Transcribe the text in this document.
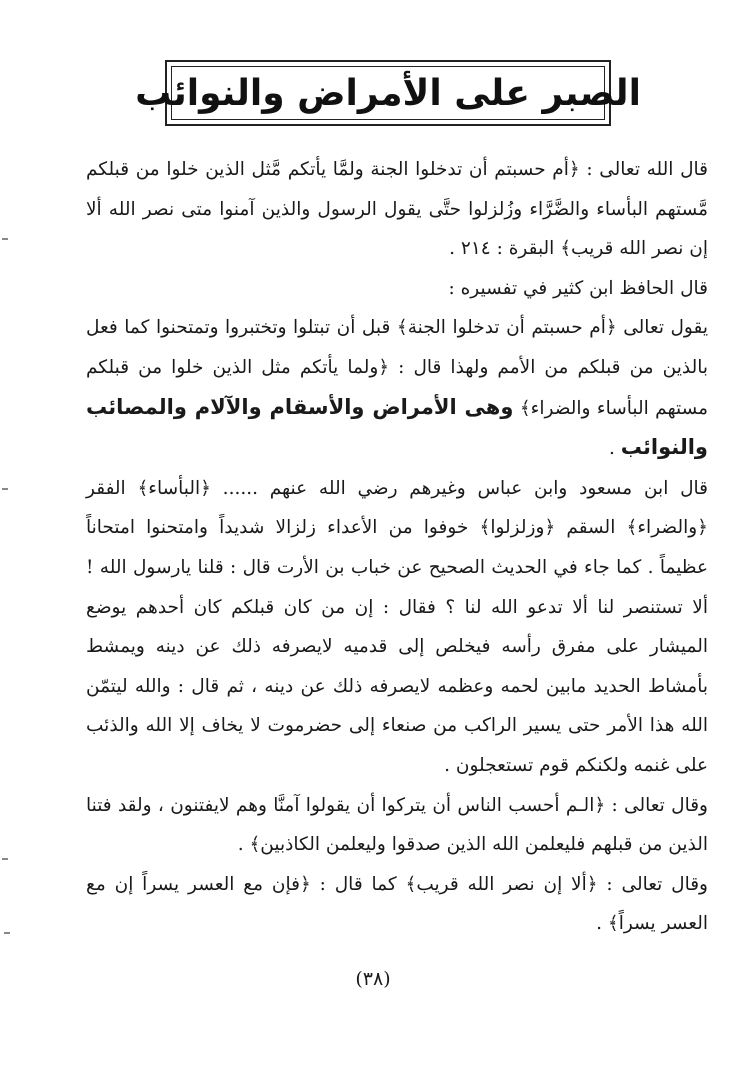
الصبر على الأمراض والنوائب

قال الله تعالى : ﴿أم حسبتم أن تدخلوا الجنة ولمَّا يأتكم مَّثل الذين خلوا من قبلكم مَّستهم البأساء والضَّرَّاء وزُلزلوا حتَّى يقول الرسول والذين آمنوا متى نصر الله ألا إن نصر الله قريب﴾ البقرة : ٢١٤ .

قال الحافظ ابن كثير في تفسيره :

يقول تعالى ﴿أم حسبتم أن تدخلوا الجنة﴾ قبل أن تبتلوا وتختبروا وتمتحنوا كما فعل بالذين من قبلكم من الأمم ولهذا قال : ﴿ولما يأتكم مثل الذين خلوا من قبلكم مستهم البأساء والضراء﴾ وهى الأمراض والأسقام والآلام والمصائب والنوائب .

قال ابن مسعود وابن عباس وغيرهم رضي الله عنهم ...... ﴿البأساء﴾ الفقر ﴿والضراء﴾ السقم ﴿وزلزلوا﴾ خوفوا من الأعداء زلزالا شديداً وامتحنوا امتحاناً عظيماً . كما جاء في الحديث الصحيح عن خباب بن الأرت قال : قلنا يارسول الله ! ألا تستنصر لنا ألا تدعو الله لنا ؟ فقال : إن من كان قبلكم كان أحدهم يوضع الميشار على مفرق رأسه فيخلص إلى قدميه لايصرفه ذلك عن دينه ويمشط بأمشاط الحديد مابين لحمه وعظمه لايصرفه ذلك عن دينه ، ثم قال : والله ليتمّن الله هذا الأمر حتى يسير الراكب من صنعاء إلى حضرموت لا يخاف إلا الله والذئب على غنمه ولكنكم قوم تستعجلون .

وقال تعالى : ﴿الـم أحسب الناس أن يتركوا أن يقولوا آمنَّا وهم لايفتنون ، ولقد فتنا الذين من قبلهم فليعلمن الله الذين صدقوا وليعلمن الكاذبين﴾ .

وقال تعالى : ﴿ألا إن نصر الله قريب﴾ كما قال : ﴿فإن مع العسر يسراً إن مع العسر يسراً﴾ .

(٣٨)
